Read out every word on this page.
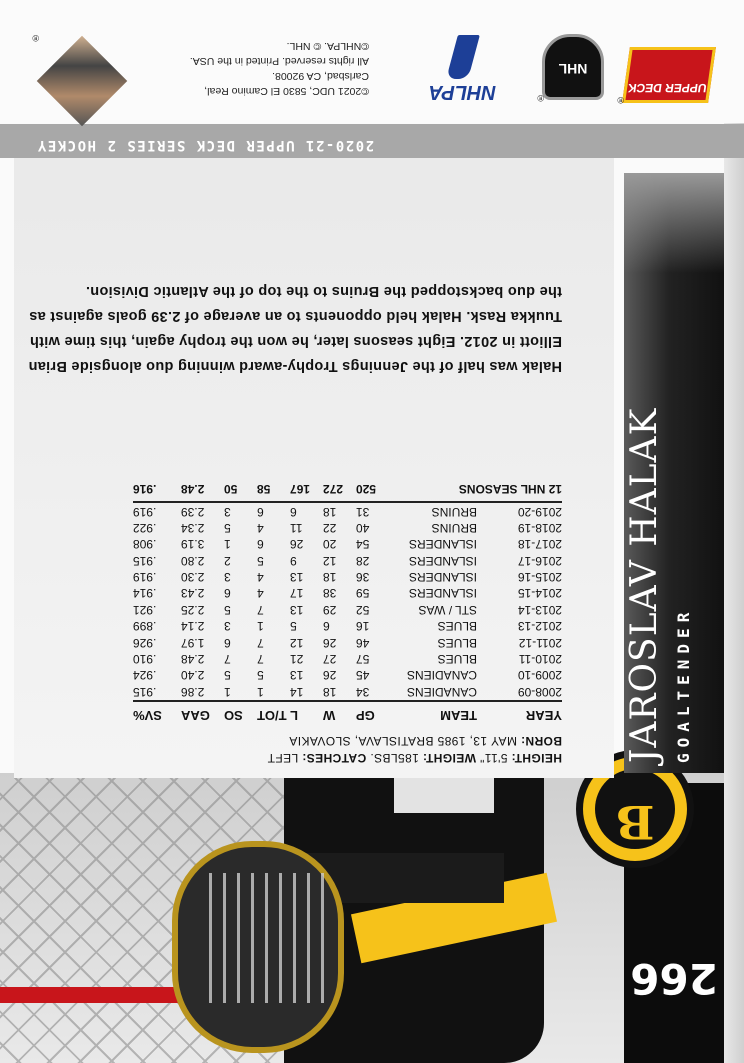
266
B
JAROSLAV HALAK GOALTENDER
HEIGHT: 5'11" WEIGHT: 185LBS. CATCHES: LEFT
BORN: MAY 13, 1985 BRATISLAVA, SLOVAKIA
YEAR	TEAM	GP	W	L	T/OT	SO	GAA	SV%
2008-09	CANADIENS	34	18	14	1	1	2.86	.915
2009-10	CANADIENS	45	26	13	5	5	2.40	.924
2010-11	BLUES	57	27	21	7	7	2.48	.910
2011-12	BLUES	46	26	12	7	6	1.97	.926
2012-13	BLUES	16	6	5	1	3	2.14	.899
2013-14	STL / WAS	52	29	13	7	5	2.25	.921
2014-15	ISLANDERS	59	38	17	4	6	2.43	.914
2015-16	ISLANDERS	36	18	13	4	3	2.30	.919
2016-17	ISLANDERS	28	12	9	5	2	2.80	.915
2017-18	ISLANDERS	54	20	26	6	1	3.19	.908
2018-19	BRUINS	40	22	11	4	5	2.34	.922
2019-20	BRUINS	31	18	6	6	3	2.39	.919
12 NHL SEASONS		520	272	167	58	50	2.48	.916
Halak was half of the Jennings Trophy-award winning duo alongside Brian Elliott in 2012. Eight seasons later, he won the trophy again, this time with Tuukka Rask. Halak held opponents to an average of 2.39 goals against as the duo backstopped the Bruins to the top of the Atlantic Division.
2020-21 UPPER DECK SERIES 2 HOCKEY
UPPER DECK
NHL
NHLPA
©2021 UDC, 5830 El Camino Real,
Carlsbad, CA 92008.
All rights reserved. Printed in the USA.
©NHLPA. © NHL.
®
®
®
